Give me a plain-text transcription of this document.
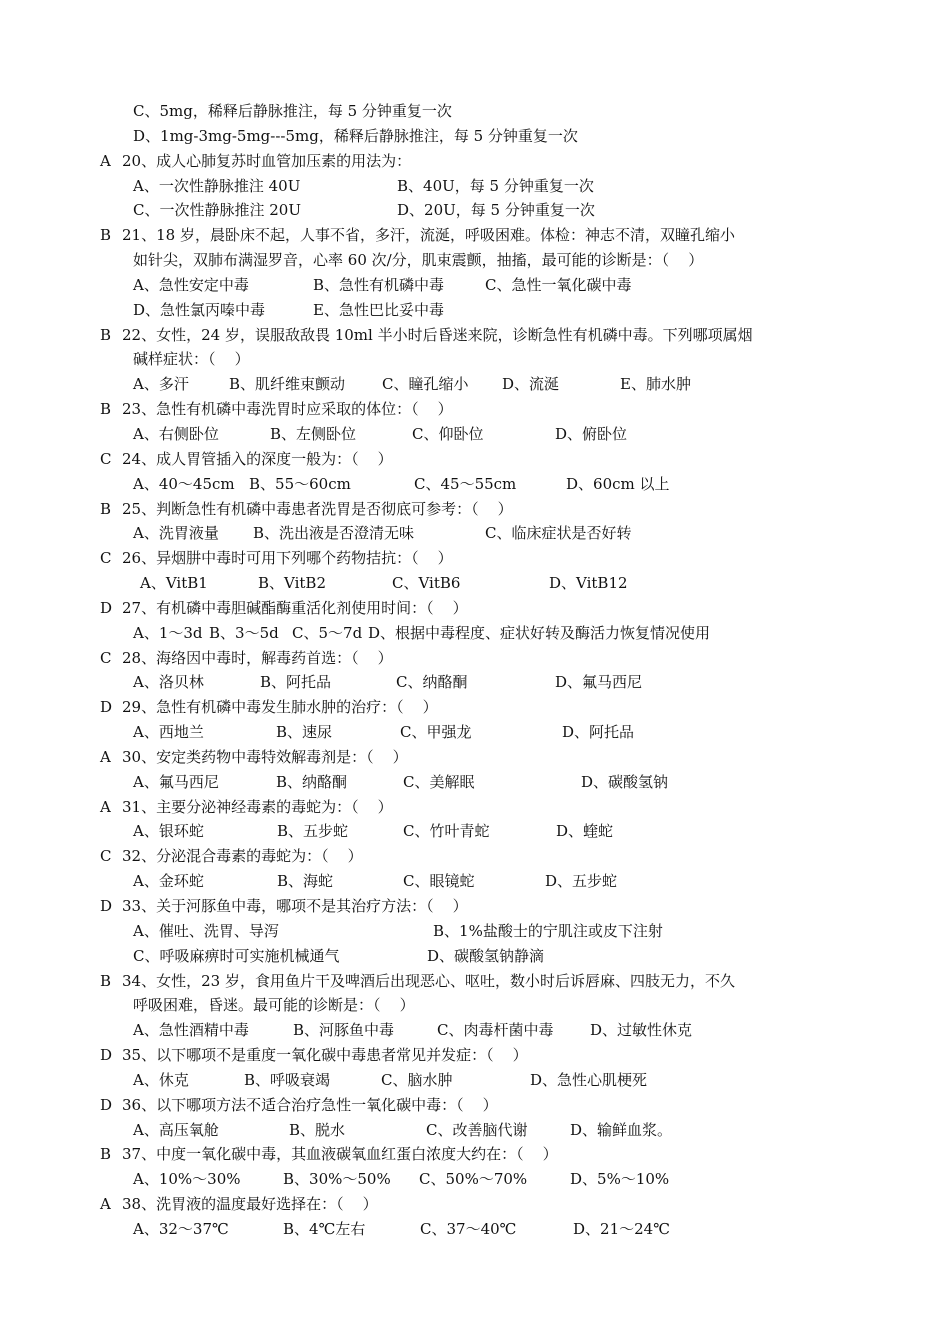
C、5mg，稀释后静脉推注，每 5 分钟重复一次
D、1mg-3mg-5mg---5mg，稀释后静脉推注，每 5 分钟重复一次
A 20、成人心肺复苏时血管加压素的用法为：
A、一次性静脉推注 40U	B、40U，每 5 分钟重复一次
C、一次性静脉推注 20U	D、20U，每 5 分钟重复一次
B 21、18 岁，晨卧床不起，人事不省，多汗，流涎，呼吸困难。体检：神志不清，双瞳孔缩小
如针尖，双肺布满湿罗音，心率 60 次/分，肌束震颤，抽搐，最可能的诊断是：（    ）
A、急性安定中毒	B、急性有机磷中毒	C、急性一氧化碳中毒
D、急性氯丙嗪中毒	E、急性巴比妥中毒
B 22、女性，24 岁，误服敌敌畏 10ml 半小时后昏迷来院，诊断急性有机磷中毒。下列哪项属烟
碱样症状：（    ）
A、多汗	B、肌纤维束颤动 C、瞳孔缩小 D、流涎	E、肺水肿
B 23、急性有机磷中毒洗胃时应采取的体位：（    ）
A、右侧卧位	B、左侧卧位	C、仰卧位	D、俯卧位
C 24、成人胃管插入的深度一般为：（    ）
A、40～45cm B、55～60cm	C、45～55cm	D、60cm 以上
B 25、判断急性有机磷中毒患者洗胃是否彻底可参考：（    ）
A、洗胃液量 B、洗出液是否澄清无味	C、临床症状是否好转
C 26、异烟肼中毒时可用下列哪个药物拮抗：（    ）
A、VitB1	B、VitB2	C、VitB6	D、VitB12
D 27、有机磷中毒胆碱酯酶重活化剂使用时间：（    ）
A、1～3d B、3～5d C、5～7d D、根据中毒程度、症状好转及酶活力恢复情况使用
C 28、海络因中毒时，解毒药首选：（    ）
A、洛贝林	B、阿托品	C、纳酪酮	D、氟马西尼
D 29、急性有机磷中毒发生肺水肿的治疗：（    ）
A、西地兰	B、速尿	C、甲强龙	D、阿托品
A 30、安定类药物中毒特效解毒剂是：（    ）
A、氟马西尼	B、纳酪酮	C、美解眠	D、碳酸氢钠
A 31、主要分泌神经毒素的毒蛇为：（    ）
A、银环蛇	B、五步蛇	C、竹叶青蛇	D、蝰蛇
C 32、分泌混合毒素的毒蛇为：（    ）
A、金环蛇	B、海蛇	C、眼镜蛇	D、五步蛇
D 33、关于河豚鱼中毒，哪项不是其治疗方法：（    ）
A、催吐、洗胃、导泻	B、1%盐酸士的宁肌注或皮下注射
C、呼吸麻痹时可实施机械通气	D、碳酸氢钠静滴
B 34、女性，23 岁，食用鱼片干及啤酒后出现恶心、呕吐，数小时后诉唇麻、四肢无力，不久
呼吸困难，昏迷。最可能的诊断是：（    ）
A、急性酒精中毒	B、河豚鱼中毒	C、肉毒杆菌中毒 D、过敏性休克
D 35、以下哪项不是重度一氧化碳中毒患者常见并发症：（    ）
A、休克	B、呼吸衰竭	C、脑水肿	D、急性心肌梗死
D 36、以下哪项方法不适合治疗急性一氧化碳中毒：（    ）
A、高压氧舱	B、脱水	C、改善脑代谢	D、输鲜血浆。
B 37、中度一氧化碳中毒，其血液碳氧血红蛋白浓度大约在：（    ）
A、10%～30%	B、30%～50% C、50%～70%	D、5%～10%
A 38、洗胃液的温度最好选择在：（    ）
A、32～37℃	B、4℃左右	C、37～40℃	D、21～24℃
